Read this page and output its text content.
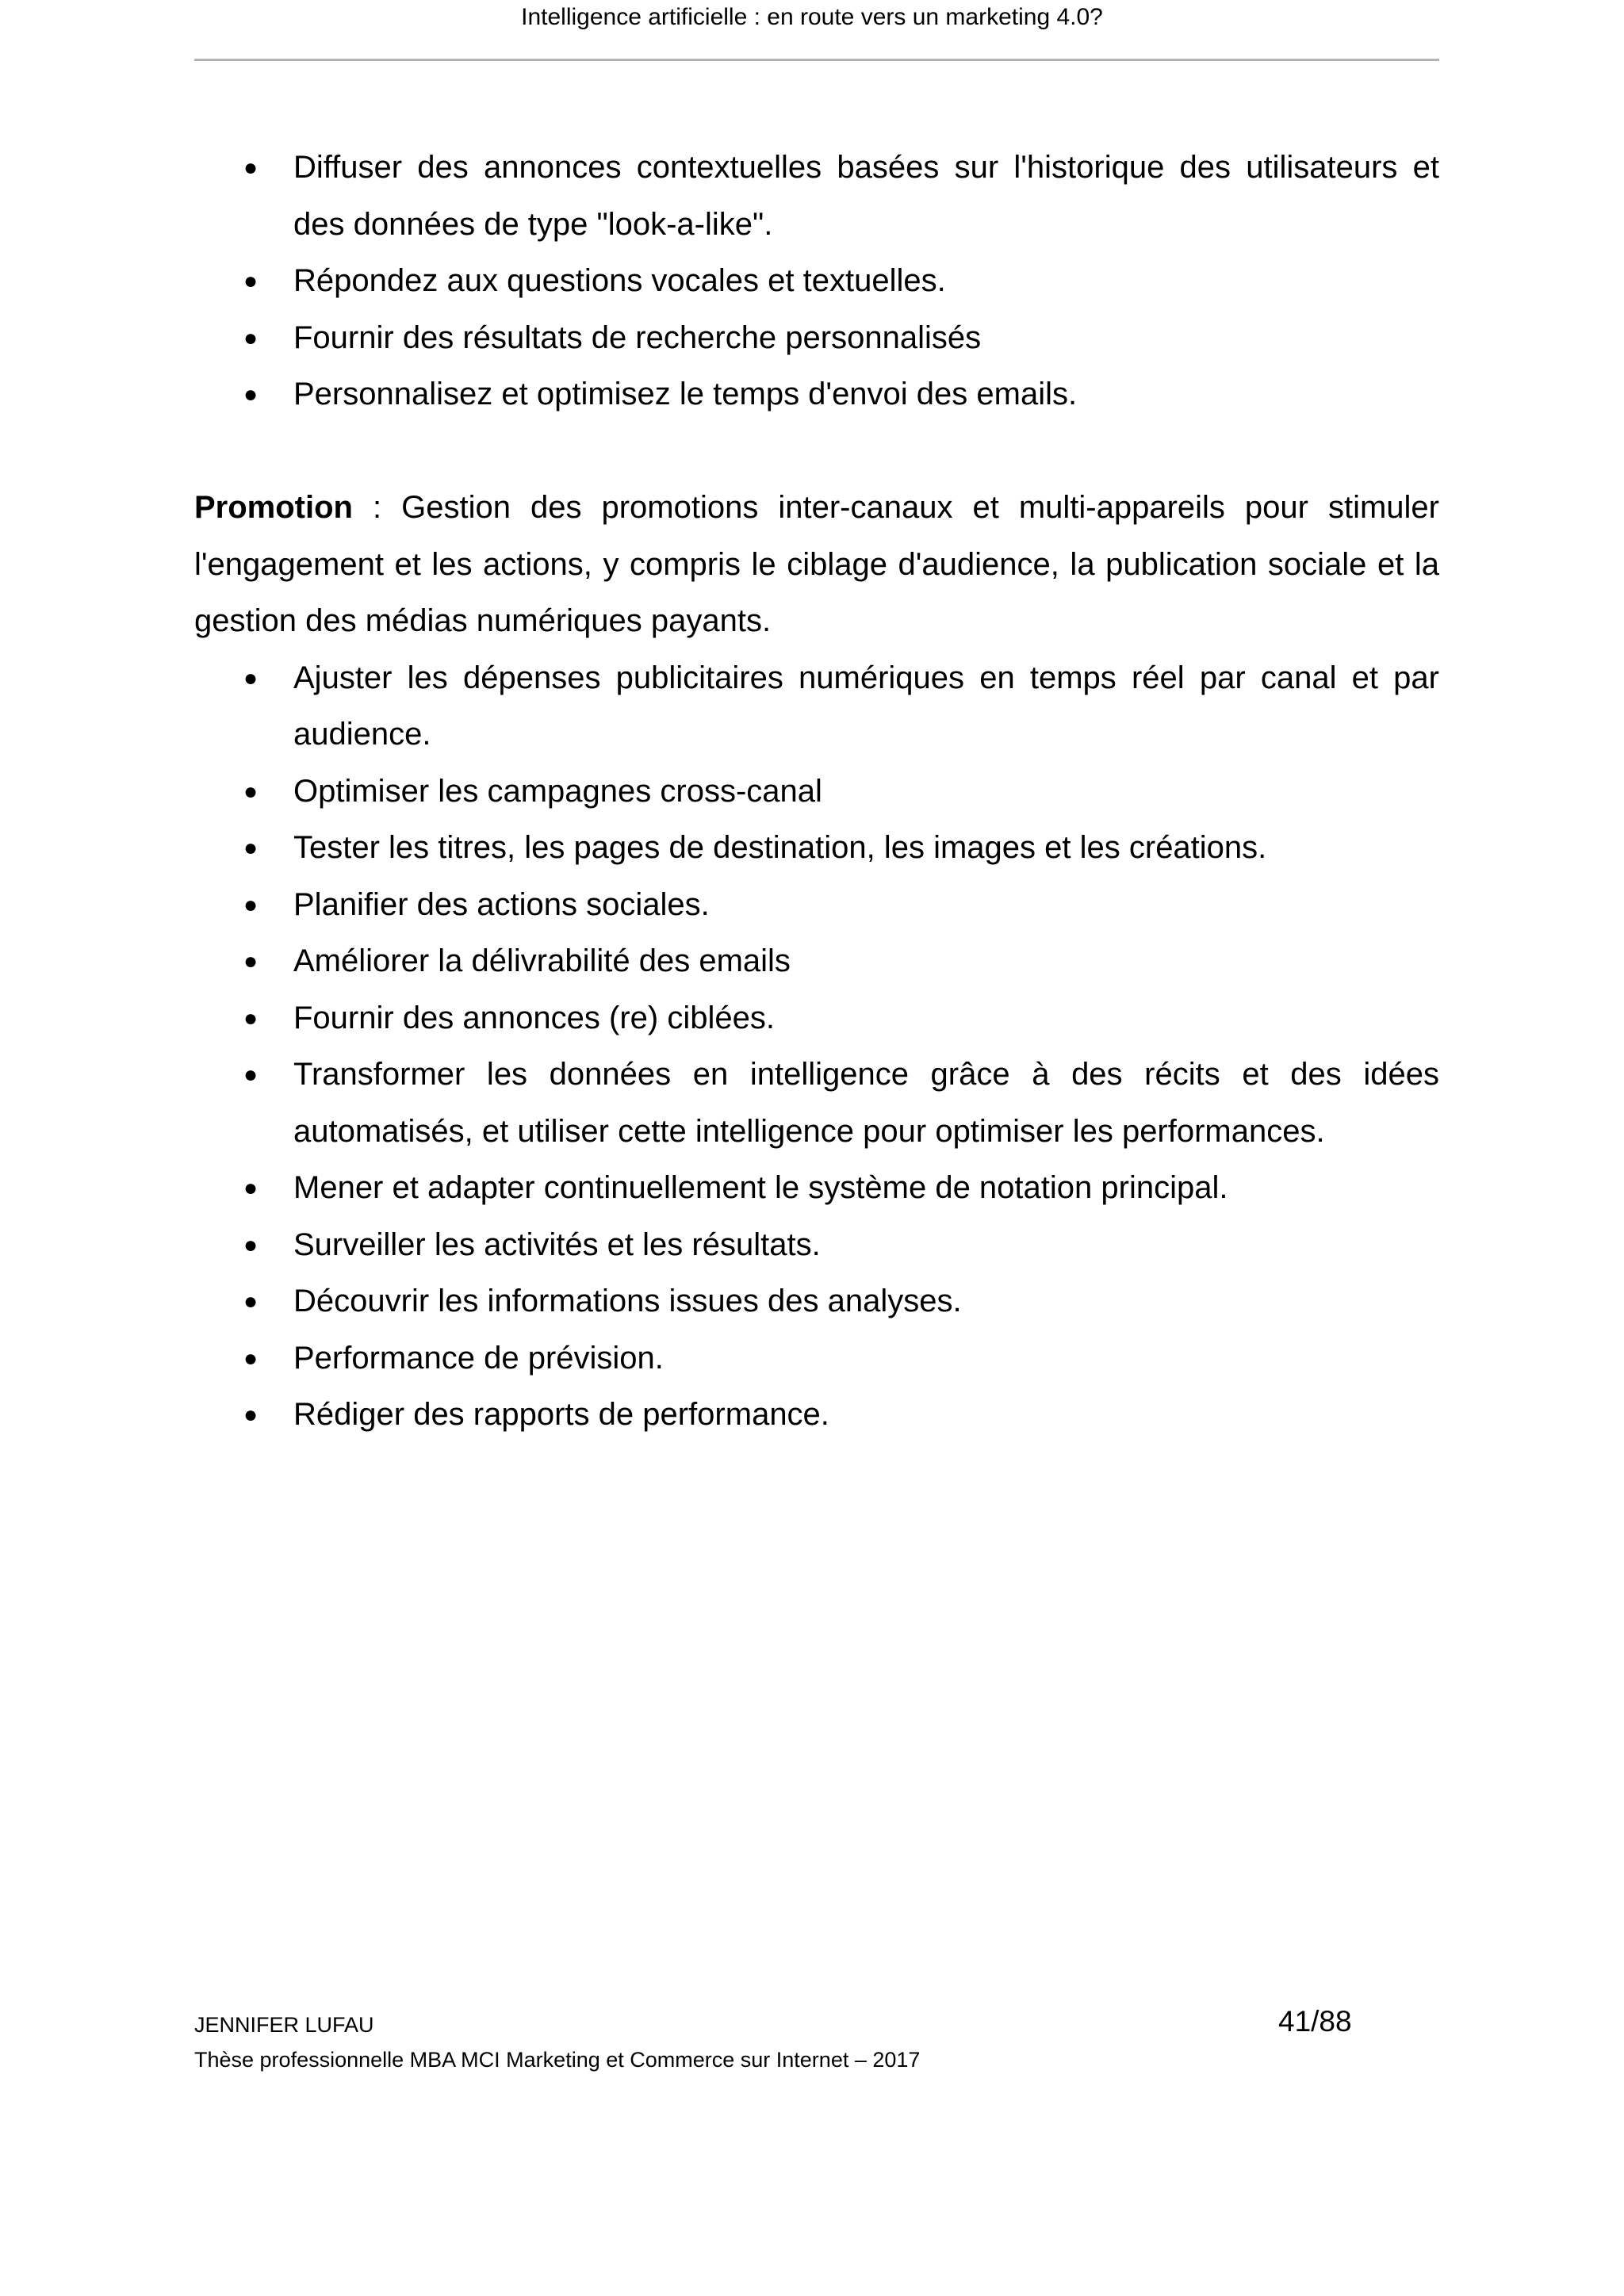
Intelligence artificielle : en route vers un marketing 4.0?
● Diffuser des annonces contextuelles basées sur l'historique des utilisateurs et des données de type "look-a-like".
● Répondez aux questions vocales et textuelles.
● Fournir des résultats de recherche personnalisés
● Personnalisez et optimisez le temps d'envoi des emails.

Promotion : Gestion des promotions inter-canaux et multi-appareils pour stimuler l'engagement et les actions, y compris le ciblage d'audience, la publication sociale et la gestion des médias numériques payants.

● Ajuster les dépenses publicitaires numériques en temps réel par canal et par audience.
● Optimiser les campagnes cross-canal
● Tester les titres, les pages de destination, les images et les créations.
● Planifier des actions sociales.
● Améliorer la délivrabilité des emails
● Fournir des annonces (re) ciblées.
● Transformer les données en intelligence grâce à des récits et des idées automatisés, et utiliser cette intelligence pour optimiser les performances.
● Mener et adapter continuellement le système de notation principal.
● Surveiller les activités et les résultats.
● Découvrir les informations issues des analyses.
● Performance de prévision.
● Rédiger des rapports de performance.
JENNIFER LUFAU
Thèse professionnelle MBA MCI Marketing et Commerce sur Internet – 2017
41/88
